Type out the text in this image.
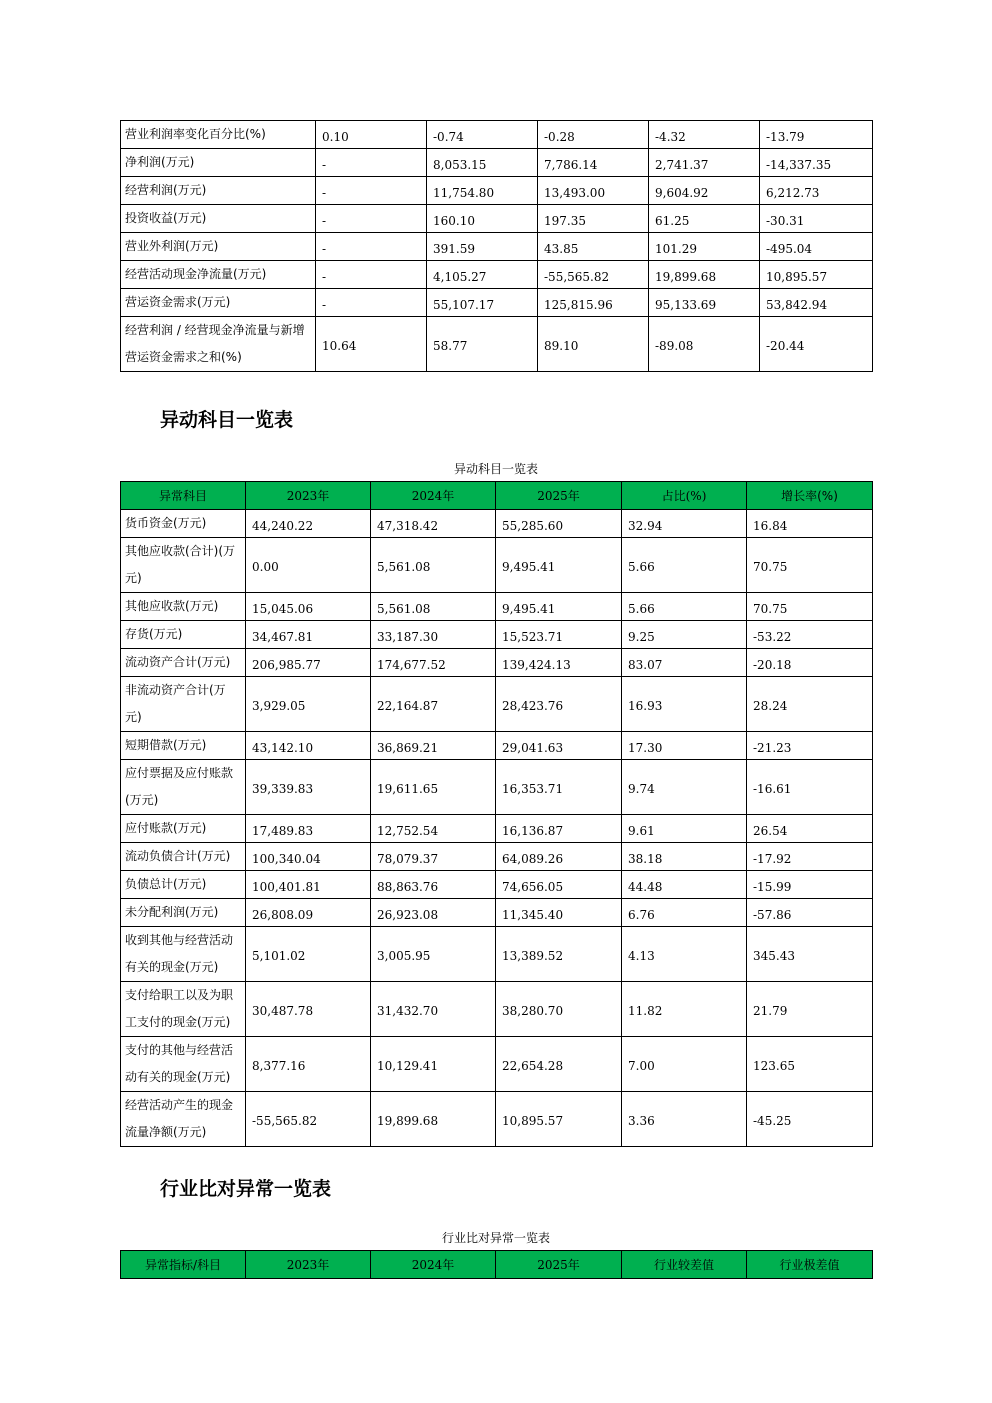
营业利润率变化百分比(%)	0.10	-0.74	-0.28	-4.32	-13.79
净利润(万元)	-	8,053.15	7,786.14	2,741.37	-14,337.35
经营利润(万元)	-	11,754.80	13,493.00	9,604.92	6,212.73
投资收益(万元)	-	160.10	197.35	61.25	-30.31
营业外利润(万元)	-	391.59	43.85	101.29	-495.04
经营活动现金净流量(万元)	-	4,105.27	-55,565.82	19,899.68	10,895.57
营运资金需求(万元)	-	55,107.17	125,815.96	95,133.69	53,842.94
经营利润 / 经营现金净流量与新增营运资金需求之和(%)	10.64	58.77	89.10	-89.08	-20.44
异动科目一览表
异动科目一览表
异常科目	2023年	2024年	2025年	占比(%)	增长率(%)
货币资金(万元)	44,240.22	47,318.42	55,285.60	32.94	16.84
其他应收款(合计)(万元)	0.00	5,561.08	9,495.41	5.66	70.75
其他应收款(万元)	15,045.06	5,561.08	9,495.41	5.66	70.75
存货(万元)	34,467.81	33,187.30	15,523.71	9.25	-53.22
流动资产合计(万元)	206,985.77	174,677.52	139,424.13	83.07	-20.18
非流动资产合计(万元)	3,929.05	22,164.87	28,423.76	16.93	28.24
短期借款(万元)	43,142.10	36,869.21	29,041.63	17.30	-21.23
应付票据及应付账款(万元)	39,339.83	19,611.65	16,353.71	9.74	-16.61
应付账款(万元)	17,489.83	12,752.54	16,136.87	9.61	26.54
流动负债合计(万元)	100,340.04	78,079.37	64,089.26	38.18	-17.92
负债总计(万元)	100,401.81	88,863.76	74,656.05	44.48	-15.99
未分配利润(万元)	26,808.09	26,923.08	11,345.40	6.76	-57.86
收到其他与经营活动有关的现金(万元)	5,101.02	3,005.95	13,389.52	4.13	345.43
支付给职工以及为职工支付的现金(万元)	30,487.78	31,432.70	38,280.70	11.82	21.79
支付的其他与经营活动有关的现金(万元)	8,377.16	10,129.41	22,654.28	7.00	123.65
经营活动产生的现金流量净额(万元)	-55,565.82	19,899.68	10,895.57	3.36	-45.25
行业比对异常一览表
行业比对异常一览表
异常指标/科目	2023年	2024年	2025年	行业较差值	行业极差值
